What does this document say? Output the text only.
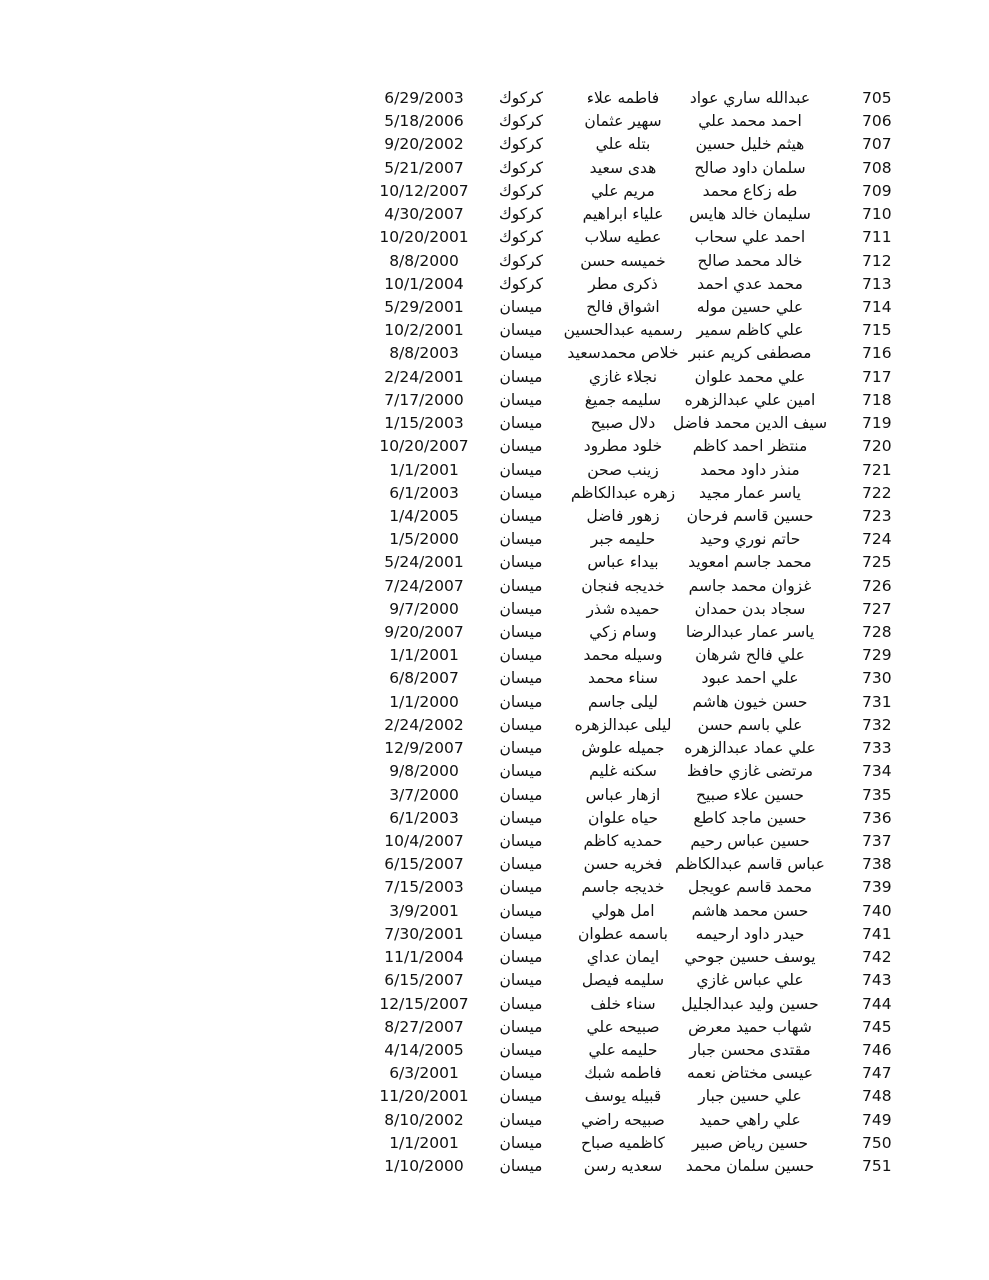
705
عبدالله ساري عواد
فاطمه علاء
كركوك
6/29/2003
706
احمد محمد علي
سهير عثمان
كركوك
5/18/2006
707
هيثم خليل حسين
بتله علي
كركوك
9/20/2002
708
سلمان داود صالح
هدى سعيد
كركوك
5/21/2007
709
طه زكاع محمد
مريم علي
كركوك
10/12/2007
710
سليمان خالد هايس
علياء ابراهيم
كركوك
4/30/2007
711
احمد علي سحاب
عطيه سلاب
كركوك
10/20/2001
712
خالد محمد صالح
خميسه حسن
كركوك
8/8/2000
713
محمد عدي احمد
ذكرى مطر
كركوك
10/1/2004
714
علي حسين موله
اشواق فالح
ميسان
5/29/2001
715
علي كاظم سمير
رسميه عبدالحسين
ميسان
10/2/2001
716
مصطفى كريم عنبر
خلاص محمدسعيد
ميسان
8/8/2003
717
علي محمد علوان
نجلاء غازي
ميسان
2/24/2001
718
امين علي عبدالزهره
سليمه جميغ
ميسان
7/17/2000
719
سيف الدين محمد فاضل
دلال صبيح
ميسان
1/15/2003
720
منتظر احمد كاظم
خلود مطرود
ميسان
10/20/2007
721
منذر داود محمد
زينب صحن
ميسان
1/1/2001
722
ياسر عمار مجيد
زهره عبدالكاظم
ميسان
6/1/2003
723
حسين قاسم فرحان
زهور فاضل
ميسان
1/4/2005
724
حاتم نوري وحيد
حليمه جبر
ميسان
1/5/2000
725
محمد جاسم امعويد
بيداء عباس
ميسان
5/24/2001
726
غزوان محمد جاسم
خديجه فنجان
ميسان
7/24/2007
727
سجاد بدن حمدان
حميده شذر
ميسان
9/7/2000
728
ياسر عمار عبدالرضا
وسام زكي
ميسان
9/20/2007
729
علي فالح شرهان
وسيله محمد
ميسان
1/1/2001
730
علي احمد عبود
سناء محمد
ميسان
6/8/2007
731
حسن خيون هاشم
ليلى جاسم
ميسان
1/1/2000
732
علي باسم حسن
ليلى عبدالزهره
ميسان
2/24/2002
733
علي عماد عبدالزهره
جميله علوش
ميسان
12/9/2007
734
مرتضى غازي حافظ
سكنه غليم
ميسان
9/8/2000
735
حسين علاء صبيح
ازهار عباس
ميسان
3/7/2000
736
حسين ماجد كاطع
حياه علوان
ميسان
6/1/2003
737
حسين عباس رحيم
حمديه كاظم
ميسان
10/4/2007
738
عباس قاسم عبدالكاظم
فخريه حسن
ميسان
6/15/2007
739
محمد قاسم عويجل
خديجه جاسم
ميسان
7/15/2003
740
حسن محمد هاشم
امل هولي
ميسان
3/9/2001
741
حيدر داود ارحيمه
باسمه عطوان
ميسان
7/30/2001
742
يوسف حسين جوحي
ايمان عداي
ميسان
11/1/2004
743
علي عباس غازي
سليمه فيصل
ميسان
6/15/2007
744
حسين وليد عبدالجليل
سناء خلف
ميسان
12/15/2007
745
شهاب حميد معرض
صبيحه علي
ميسان
8/27/2007
746
مقتدى محسن جبار
حليمه علي
ميسان
4/14/2005
747
عيسى مختاض نعمه
فاطمه شبك
ميسان
6/3/2001
748
علي حسين جبار
قبيله يوسف
ميسان
11/20/2001
749
علي راهي حميد
صبيحه راضي
ميسان
8/10/2002
750
حسين رياض صبير
كاظميه صباح
ميسان
1/1/2001
751
حسين سلمان محمد
سعديه رسن
ميسان
1/10/2000
